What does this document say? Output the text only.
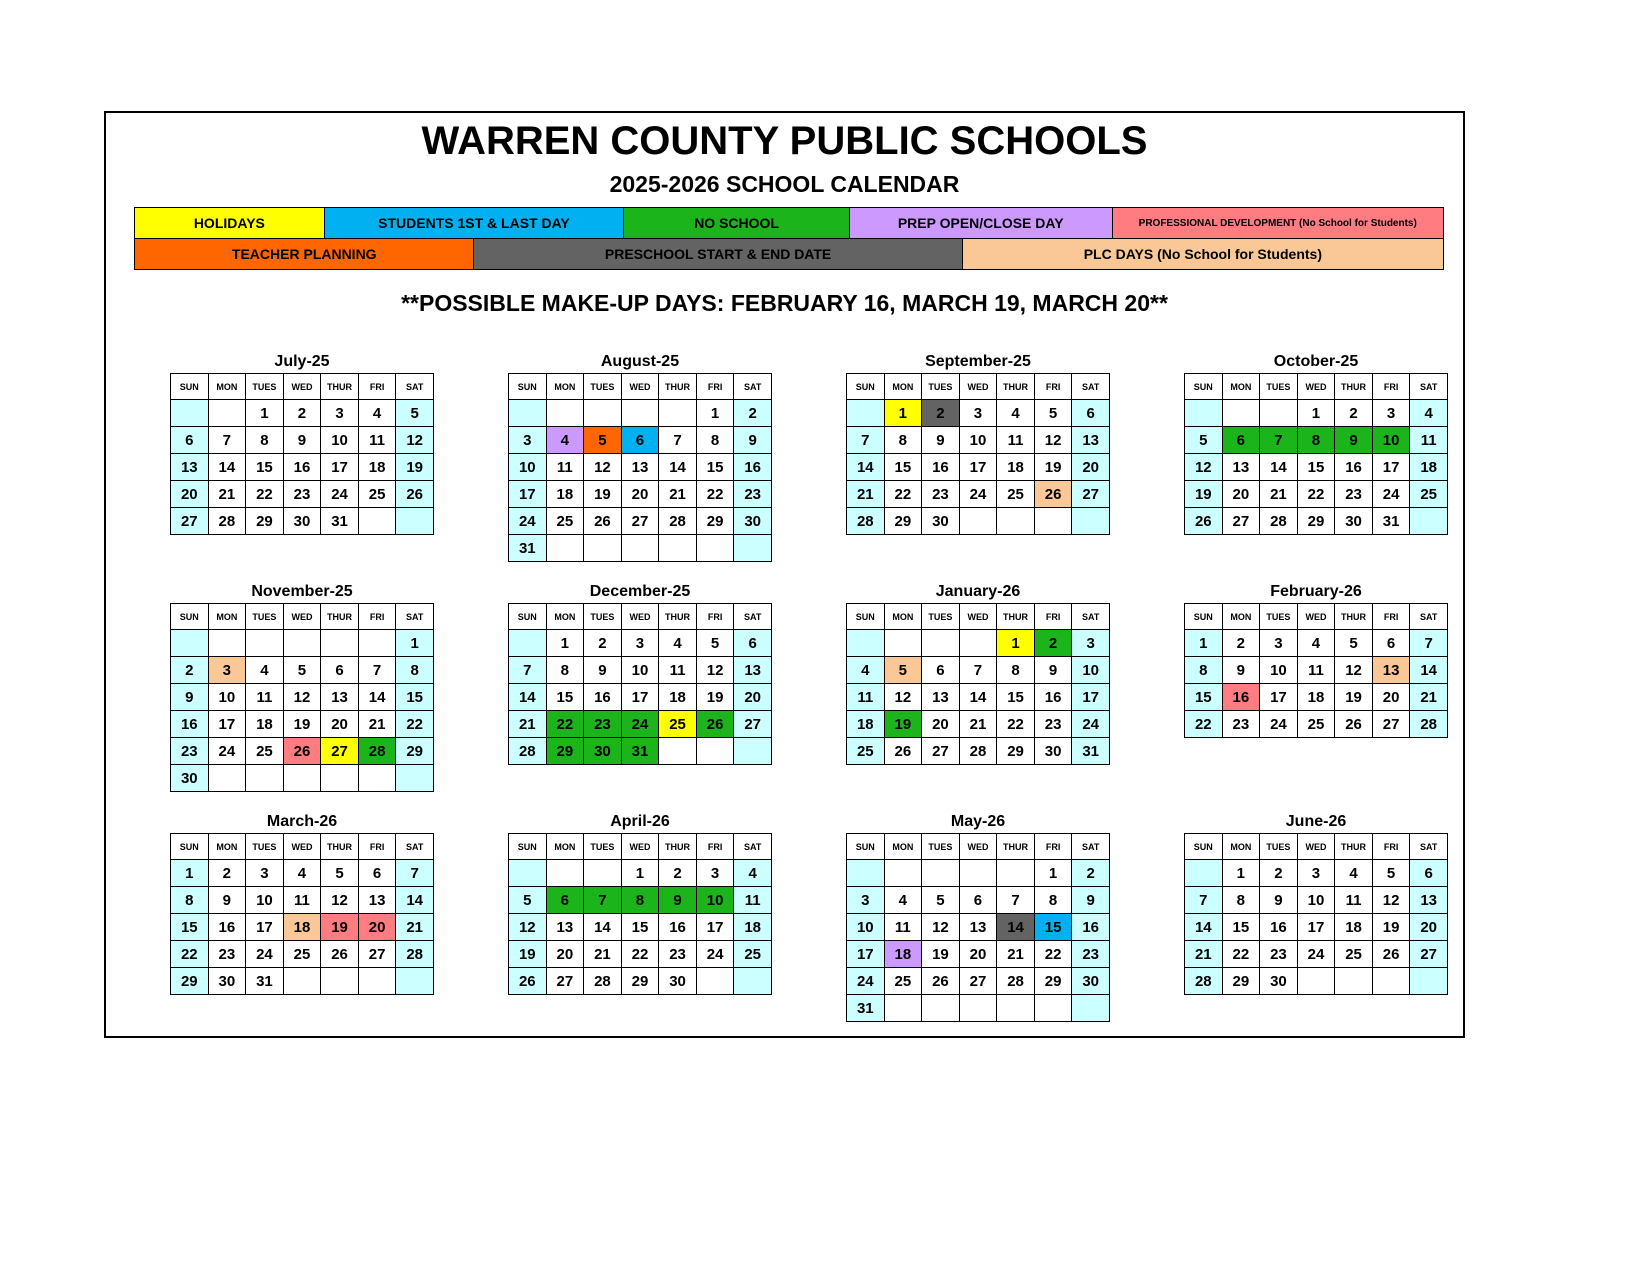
WARREN COUNTY PUBLIC SCHOOLS
2025-2026 SCHOOL CALENDAR
HOLIDAYS	STUDENTS 1ST & LAST DAY	NO SCHOOL	PREP OPEN/CLOSE DAY	PROFESSIONAL DEVELOPMENT (No School for Students)
TEACHER PLANNING	PRESCHOOL START & END DATE	PLC DAYS (No School for Students)
**POSSIBLE MAKE-UP DAYS: FEBRUARY 16, MARCH 19, MARCH 20**
July-25
SUN	MON	TUES	WED	THUR	FRI	SAT
		1	2	3	4	5
6	7	8	9	10	11	12
13	14	15	16	17	18	19
20	21	22	23	24	25	26
27	28	29	30	31		
August-25
SUN	MON	TUES	WED	THUR	FRI	SAT
					1	2
3	4	5	6	7	8	9
10	11	12	13	14	15	16
17	18	19	20	21	22	23
24	25	26	27	28	29	30
31						
September-25
SUN	MON	TUES	WED	THUR	FRI	SAT
	1	2	3	4	5	6
7	8	9	10	11	12	13
14	15	16	17	18	19	20
21	22	23	24	25	26	27
28	29	30				
October-25
SUN	MON	TUES	WED	THUR	FRI	SAT
			1	2	3	4
5	6	7	8	9	10	11
12	13	14	15	16	17	18
19	20	21	22	23	24	25
26	27	28	29	30	31	
November-25
SUN	MON	TUES	WED	THUR	FRI	SAT
						1
2	3	4	5	6	7	8
9	10	11	12	13	14	15
16	17	18	19	20	21	22
23	24	25	26	27	28	29
30						
December-25
SUN	MON	TUES	WED	THUR	FRI	SAT
	1	2	3	4	5	6
7	8	9	10	11	12	13
14	15	16	17	18	19	20
21	22	23	24	25	26	27
28	29	30	31			
January-26
SUN	MON	TUES	WED	THUR	FRI	SAT
				1	2	3
4	5	6	7	8	9	10
11	12	13	14	15	16	17
18	19	20	21	22	23	24
25	26	27	28	29	30	31
February-26
SUN	MON	TUES	WED	THUR	FRI	SAT
1	2	3	4	5	6	7
8	9	10	11	12	13	14
15	16	17	18	19	20	21
22	23	24	25	26	27	28
March-26
SUN	MON	TUES	WED	THUR	FRI	SAT
1	2	3	4	5	6	7
8	9	10	11	12	13	14
15	16	17	18	19	20	21
22	23	24	25	26	27	28
29	30	31				
April-26
SUN	MON	TUES	WED	THUR	FRI	SAT
			1	2	3	4
5	6	7	8	9	10	11
12	13	14	15	16	17	18
19	20	21	22	23	24	25
26	27	28	29	30		
May-26
SUN	MON	TUES	WED	THUR	FRI	SAT
					1	2
3	4	5	6	7	8	9
10	11	12	13	14	15	16
17	18	19	20	21	22	23
24	25	26	27	28	29	30
31						
June-26
SUN	MON	TUES	WED	THUR	FRI	SAT
	1	2	3	4	5	6
7	8	9	10	11	12	13
14	15	16	17	18	19	20
21	22	23	24	25	26	27
28	29	30				
